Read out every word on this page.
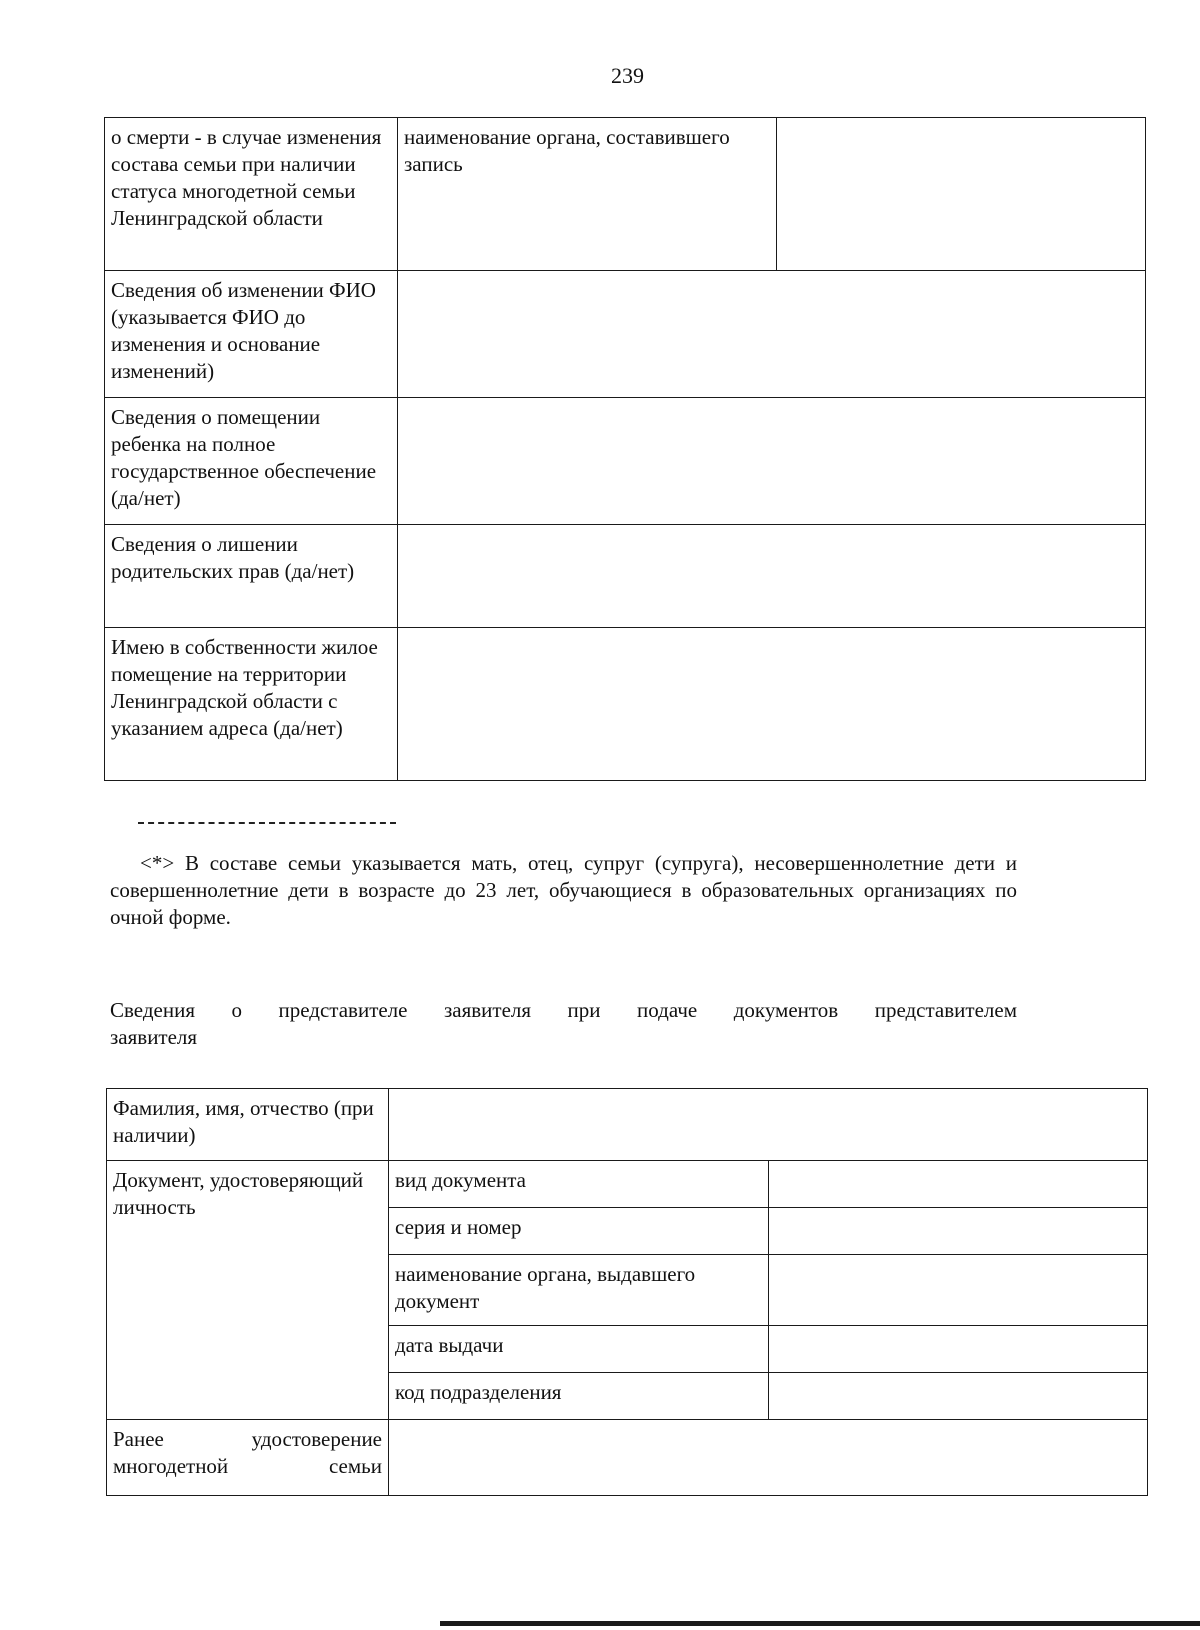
239
о смерти - в случае изменения состава семьи при наличии статуса многодетной семьи Ленинградской области	наименование органа, составившего запись	
Сведения об изменении ФИО (указывается ФИО до изменения и основание изменений)		
Сведения о помещении ребенка на полное государственное обеспечение (да/нет)		
Сведения о лишении родительских прав (да/нет)		
Имею в собственности жилое помещение на территории Ленинградской области с указанием адреса (да/нет)		
<*> В составе семьи указывается мать, отец, супруг (супруга), несовершеннолетние дети и совершеннолетние дети в возрасте до 23 лет, обучающиеся в образовательных организациях по очной форме.
Сведения о представителе заявителя при подаче документов представителем
заявителя
Фамилия, имя, отчество (при наличии)		
Документ, удостоверяющий личность	вид документа	
	серия и номер	
	наименование органа, выдавшего документ	
	дата выдачи	
	код подразделения	
Ранее удостоверение многодетной семьи		
